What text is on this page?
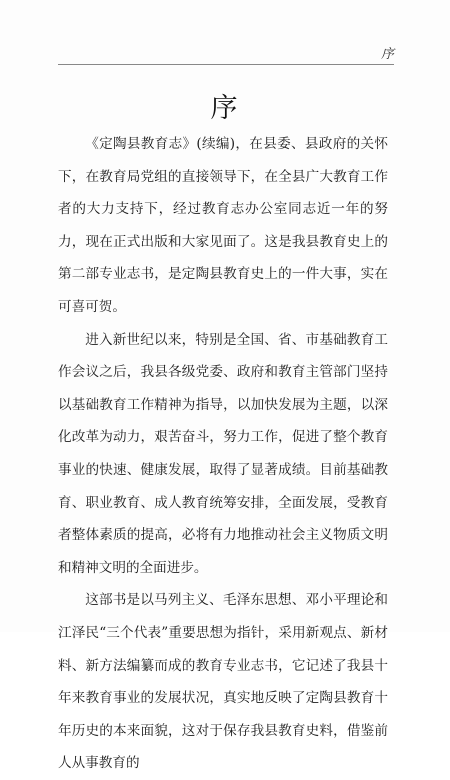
序
序

《定陶县教育志》(续编)，在县委、县政府的关怀下，在教育局党组的直接领导下，在全县广大教育工作者的大力支持下，经过教育志办公室同志近一年的努力，现在正式出版和大家见面了。这是我县教育史上的第二部专业志书，是定陶县教育史上的一件大事，实在可喜可贺。

进入新世纪以来，特别是全国、省、市基础教育工作会议之后，我县各级党委、政府和教育主管部门坚持以基础教育工作精神为指导，以加快发展为主题，以深化改革为动力，艰苦奋斗，努力工作，促进了整个教育事业的快速、健康发展，取得了显著成绩。目前基础教育、职业教育、成人教育统筹安排，全面发展，受教育者整体素质的提高，必将有力地推动社会主义物质文明和精神文明的全面进步。

这部书是以马列主义、毛泽东思想、邓小平理论和江泽民“三个代表”重要思想为指针，采用新观点、新材料、新方法编纂而成的教育专业志书，它记述了我县十年来教育事业的发展状况，真实地反映了定陶县教育十年历史的本来面貌，这对于保存我县教育史料，借鉴前人从事教育的
